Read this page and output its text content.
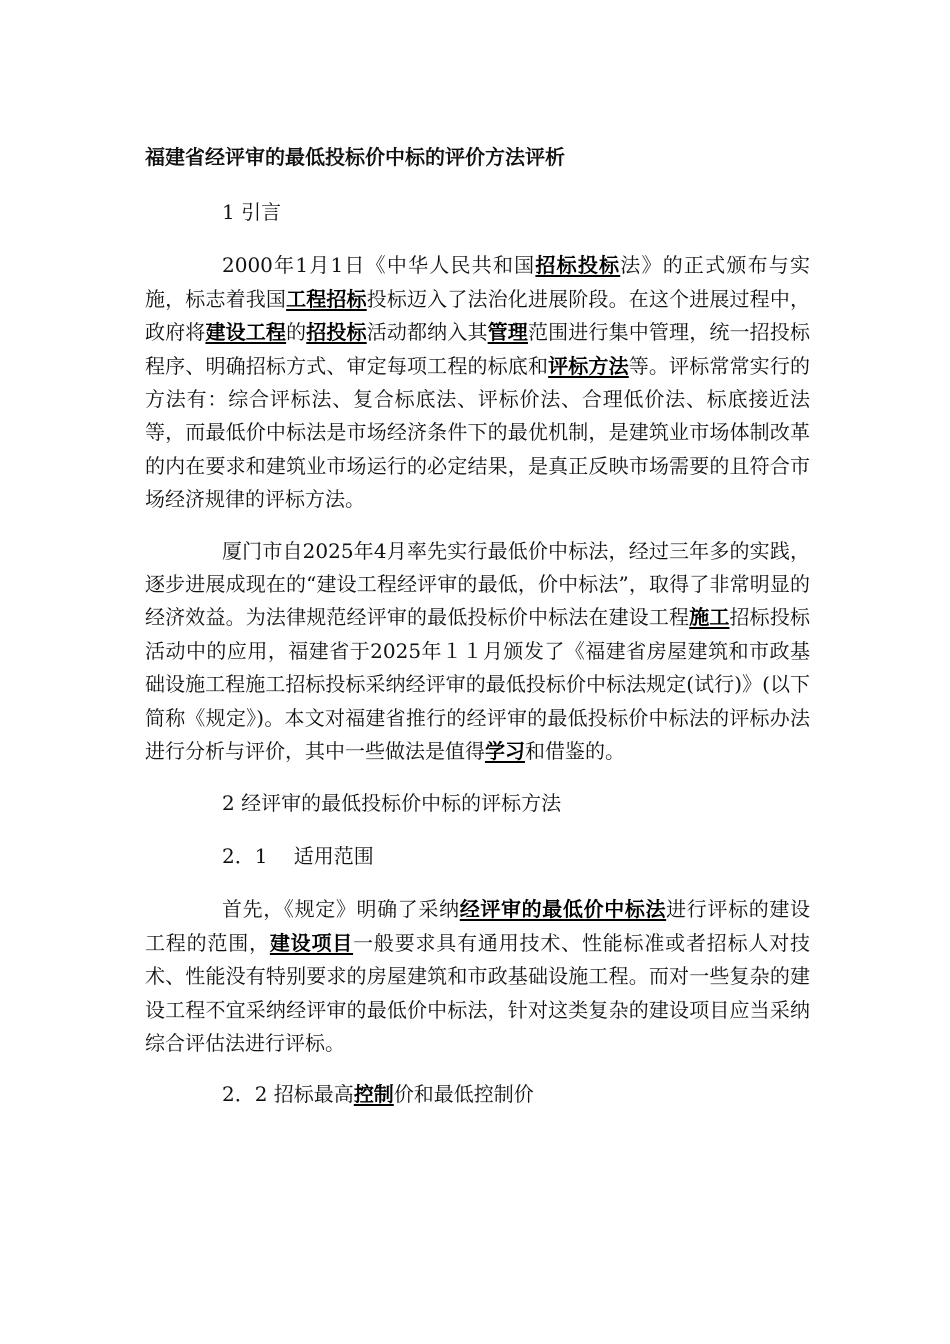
福建省经评审的最低投标价中标的评价方法评析
1 引言

2000年1月1日《中华人民共和国招标投标法》的正式颁布与实施，标志着我国工程招标投标迈入了法治化进展阶段。在这个进展过程中，政府将建设工程的招投标活动都纳入其管理范围进行集中管理，统一招投标程序、明确招标方式、审定每项工程的标底和评标方法等。评标常常实行的方法有：综合评标法、复合标底法、评标价法、合理低价法、标底接近法等，而最低价中标法是市场经济条件下的最优机制，是建筑业市场体制改革的内在要求和建筑业市场运行的必定结果，是真正反映市场需要的且符合市场经济规律的评标方法。

厦门市自2025年4月率先实行最低价中标法，经过三年多的实践，逐步进展成现在的“建设工程经评审的最低，价中标法”，取得了非常明显的经济效益。为法律规范经评审的最低投标价中标法在建设工程施工招标投标活动中的应用，福建省于2025年１１月颁发了《福建省房屋建筑和市政基础设施工程施工招标投标采纳经评审的最低投标价中标法规定(试行)》(以下简称《规定》)。本文对福建省推行的经评审的最低投标价中标法的评标办法进行分析与评价，其中一些做法是值得学习和借鉴的。

2 经评审的最低投标价中标的评标方法
2．1　 适用范围

首先，《规定》明确了采纳经评审的最低价中标法进行评标的建设工程的范围，建设项目一般要求具有通用技术、性能标准或者招标人对技术、性能没有特别要求的房屋建筑和市政基础设施工程。而对一些复杂的建设工程不宜采纳经评审的最低价中标法，针对这类复杂的建设项目应当采纳综合评估法进行评标。

2．2 招标最高控制价和最低控制价
